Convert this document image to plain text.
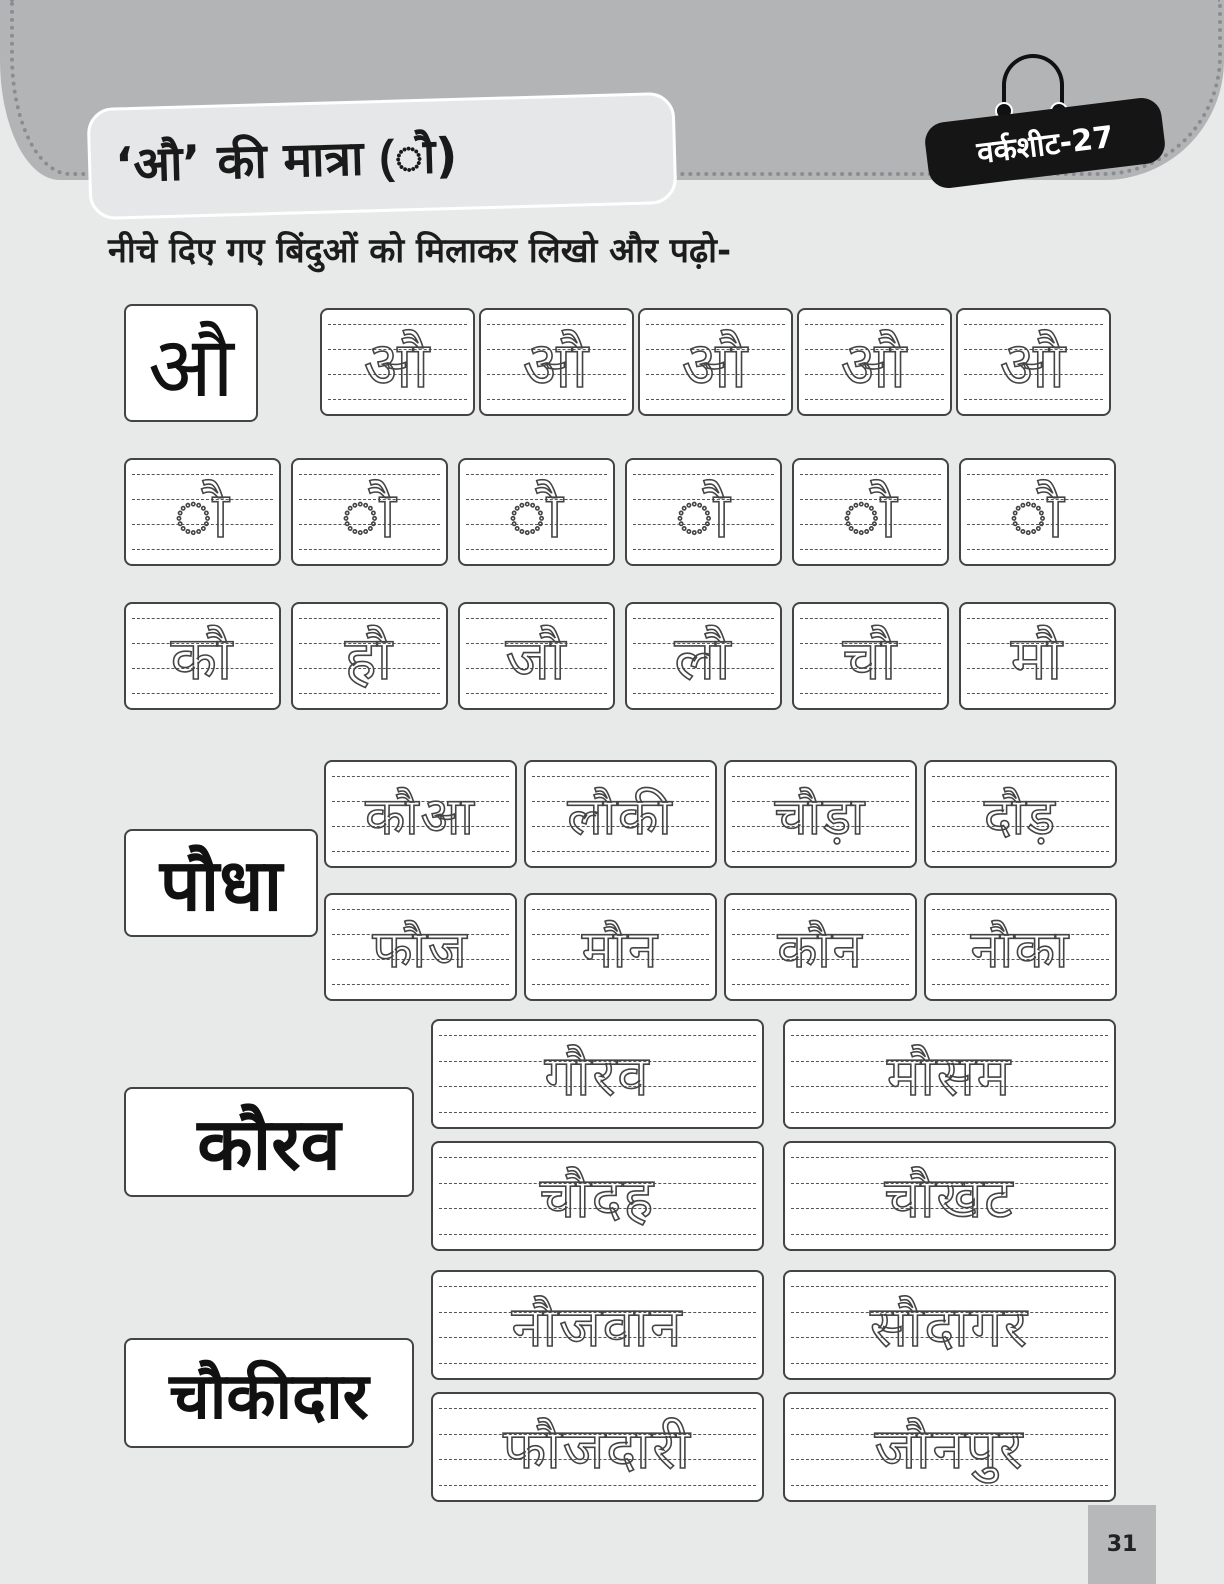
‘औ’ की मात्रा (ौ)	वर्कशीट-27
नीचे दिए गए बिंदुओं को मिलाकर लिखो और पढ़ो-
औ	औ	औ	औ	औ	औ
ौ	ौ	ौ	ौ	ौ	ौ
कौ	हौ	जौ	लौ	चौ	मौ
पौधा
कौआ	लौकी	चौड़ा	दौड़
फौज	मौन	कौन	नौका
कौरव
गौरव	मौसम
चौदह	चौखट
चौकीदार
नौजवान	सौदागर
फौजदारी	जौनपुर
31
